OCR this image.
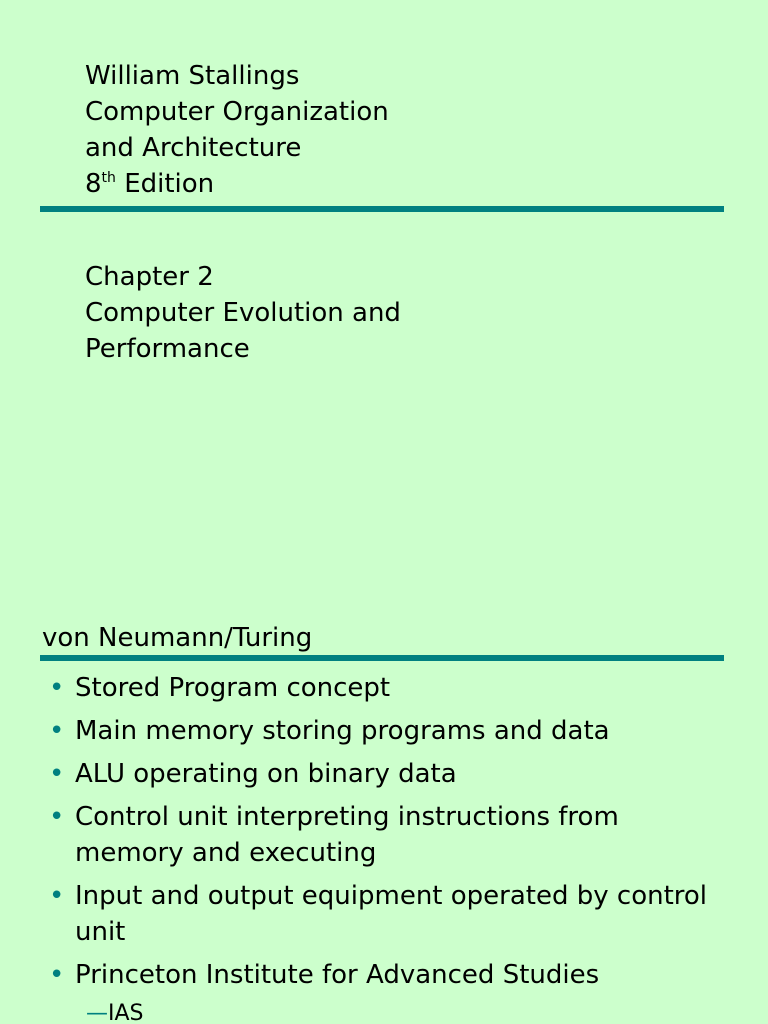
William Stallings
Computer Organization
and Architecture
8th Edition
Chapter 2
Computer Evolution and
Performance
von Neumann/Turing
• Stored Program concept
• Main memory storing programs and data
• ALU operating on binary data
• Control unit interpreting instructions from memory and executing
• Input and output equipment operated by control unit
• Princeton Institute for Advanced Studies
—IAS
